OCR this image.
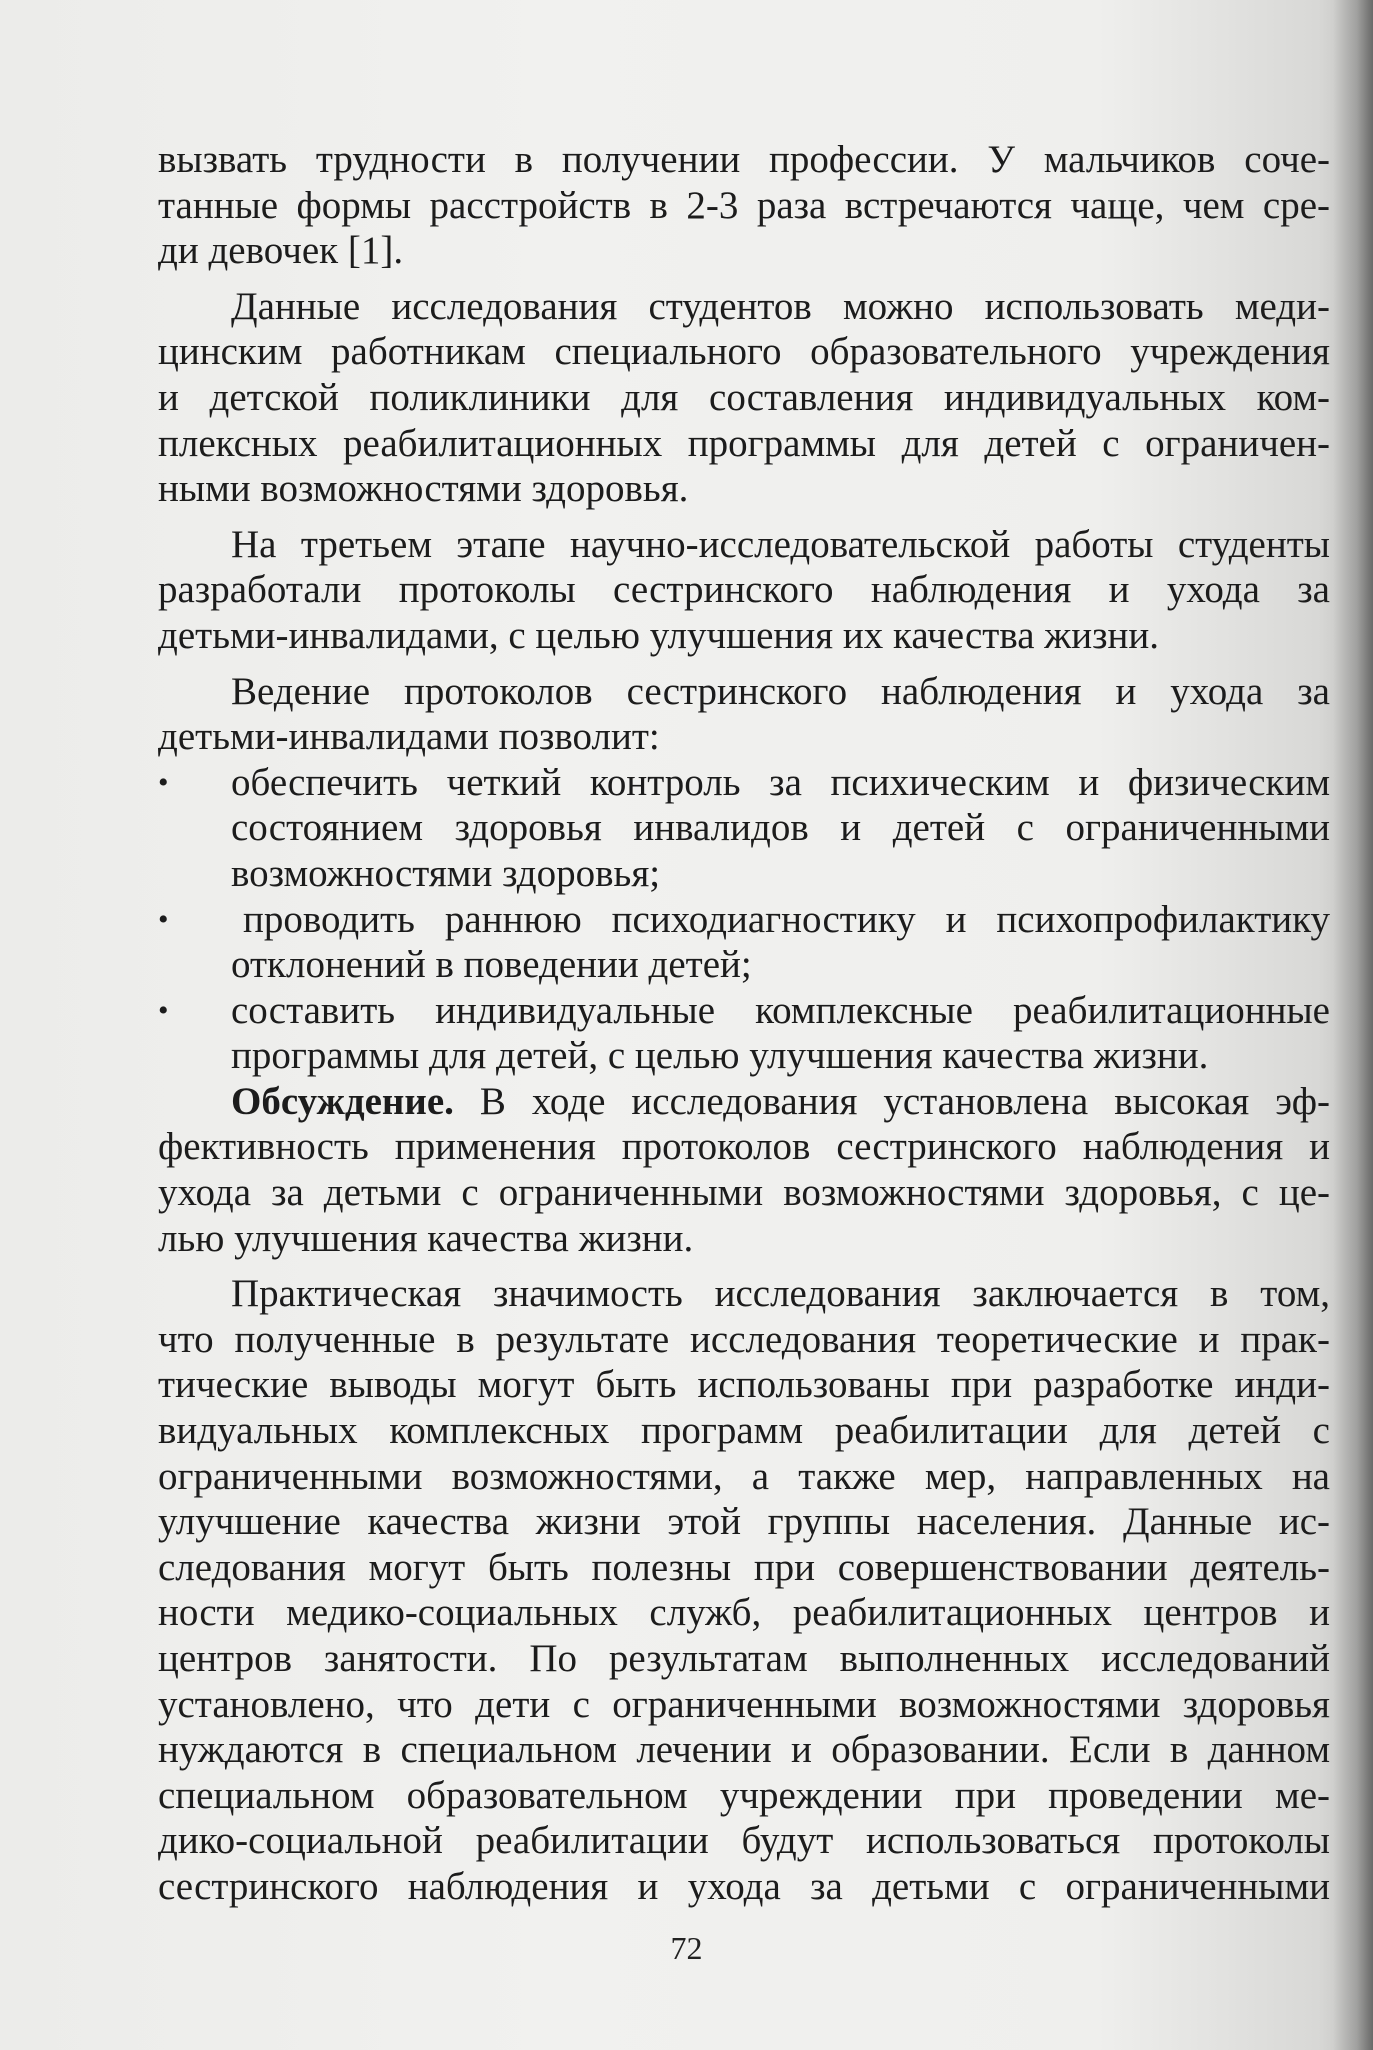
вызвать трудности в получении профессии. У мальчиков соче-
танные формы расстройств в 2-3 раза встречаются чаще, чем сре-
ди девочек [1].
Данные исследования студентов можно использовать меди-
цинским работникам специального образовательного учреждения
и детской поликлиники для составления индивидуальных ком-
плексных реабилитационных программы для детей с ограничен-
ными возможностями здоровья.
На третьем этапе научно-исследовательской работы студенты
разработали протоколы сестринского наблюдения и ухода за
детьми-инвалидами, с целью улучшения их качества жизни.
Ведение протоколов сестринского наблюдения и ухода за
детьми-инвалидами позволит:
• обеспечить четкий контроль за психическим и физическим
состоянием здоровья инвалидов и детей с ограниченными
возможностями здоровья;
• проводить раннюю психодиагностику и психопрофилактику
отклонений в поведении детей;
• составить индивидуальные комплексные реабилитационные
программы для детей, с целью улучшения качества жизни.
Обсуждение. В ходе исследования установлена высокая эф-
фективность применения протоколов сестринского наблюдения и
ухода за детьми с ограниченными возможностями здоровья, с це-
лью улучшения качества жизни.
Практическая значимость исследования заключается в том,
что полученные в результате исследования теоретические и прак-
тические выводы могут быть использованы при разработке инди-
видуальных комплексных программ реабилитации для детей с
ограниченными возможностями, а также мер, направленных на
улучшение качества жизни этой группы населения. Данные ис-
следования могут быть полезны при совершенствовании деятель-
ности медико-социальных служб, реабилитационных центров и
центров занятости. По результатам выполненных исследований
установлено, что дети с ограниченными возможностями здоровья
нуждаются в специальном лечении и образовании. Если в данном
специальном образовательном учреждении при проведении ме-
дико-социальной реабилитации будут использоваться протоколы
сестринского наблюдения и ухода за детьми с ограниченными
72
